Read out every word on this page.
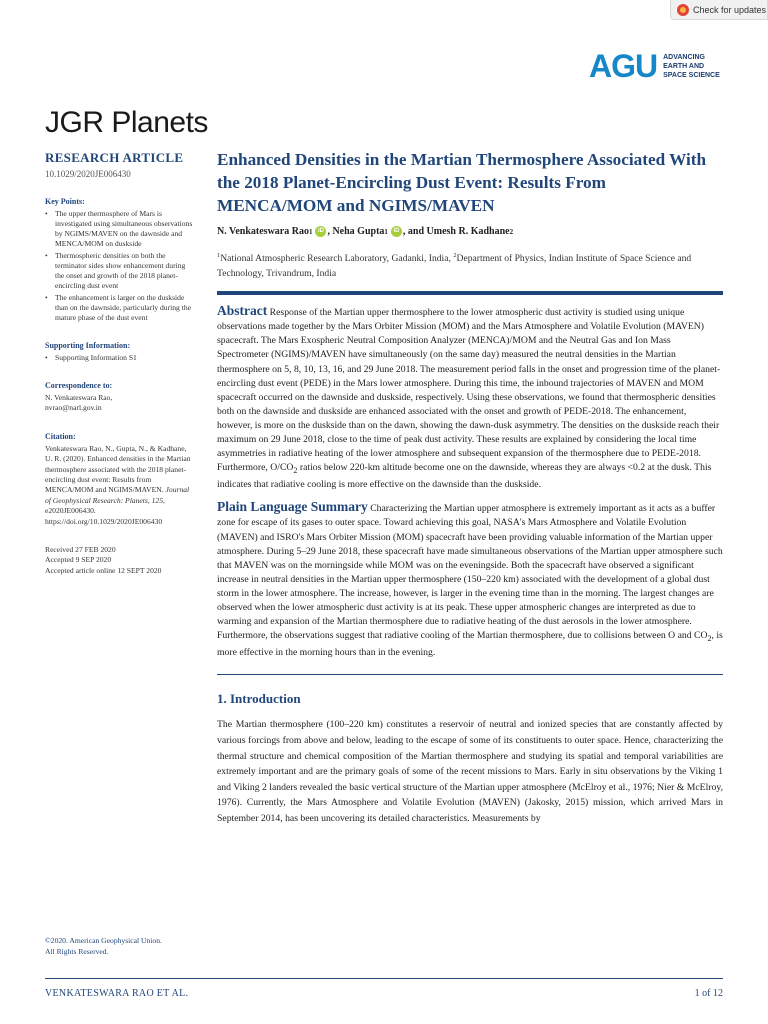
Check for updates
AGU ADVANCING
EARTH AND
SPACE SCIENCE
JGR Planets
RESEARCH ARTICLE
10.1029/2020JE006430
Key Points:
• The upper thermosphere of Mars is investigated using simultaneous observations by NGIMS/MAVEN on the dawnside and MENCA/MOM on duskside
• Thermospheric densities on both the terminator sides show enhancement during the onset and growth of the 2018 planet-encircling dust event
• The enhancement is larger on the duskside than on the dawnside, particularly during the mature phase of the dust event
Supporting Information:
• Supporting Information S1
Correspondence to:
N. Venkateswara Rao,
nvrao@narl.gov.in
Citation:
Venkateswara Rao, N., Gupta, N., & Kadhane, U. R. (2020). Enhanced densities in the Martian thermosphere associated with the 2018 planet-encircling dust event: Results from MENCA/MOM and NGIMS/MAVEN. Journal of Geophysical Research: Planets, 125, e2020JE006430. https://doi.org/10.1029/2020JE006430
Received 27 FEB 2020
Accepted 9 SEP 2020
Accepted article online 12 SEPT 2020
©2020. American Geophysical Union.
All Rights Reserved.
Enhanced Densities in the Martian Thermosphere Associated With the 2018 Planet-Encircling Dust Event: Results From MENCA/MOM and NGIMS/MAVEN
N. Venkateswara Rao 1 iD , Neha Gupta 1 iD , and Umesh R. Kadhane 2

$^1$National Atmospheric Research Laboratory, Gadanki, India, $^2$Department of Physics, Indian Institute of Space Science and Technology, Trivandrum, India

Abstract Response of the Martian upper thermosphere to the lower atmospheric dust activity is studied using unique observations made together by the Mars Orbiter Mission (MOM) and the Mars Atmosphere and Volatile Evolution (MAVEN) spacecraft. The Mars Exospheric Neutral Composition Analyzer (MENCA)/MOM and the Neutral Gas and Ion Mass Spectrometer (NGIMS)/MAVEN have simultaneously (on the same day) measured the neutral densities in the Martian thermosphere on 5, 8, 10, 13, 16, and 29 June 2018. The measurement period falls in the onset and progression time of the planet-encircling dust event (PEDE) in the Mars lower atmosphere. During this time, the inbound trajectories of MAVEN and MOM spacecraft occurred on the dawnside and duskside, respectively. Using these observations, we found that thermospheric densities both on the dawnside and duskside are enhanced associated with the onset and growth of PEDE-2018. The enhancement, however, is more on the duskside than on the dawn, showing the dawn-dusk asymmetry. The densities on the duskside reach their maximum on 29 June 2018, close to the time of peak dust activity. These results are explained by considering the local time asymmetries in radiative heating of the lower atmosphere and subsequent expansion of the thermosphere due to PEDE-2018. Furthermore, $O/CO_2$ ratios below 220-km altitude become one on the dawnside, whereas they are always <0.2 at the dusk. This indicates that radiative cooling is more effective on the dawnside than the duskside.

Plain Language Summary Characterizing the Martian upper atmosphere is extremely important as it acts as a buffer zone for escape of its gases to outer space. Toward achieving this goal, NASA's Mars Atmosphere and Volatile Evolution (MAVEN) and ISRO's Mars Orbiter Mission (MOM) spacecraft have been providing valuable information of the Martian upper atmosphere. During 5–29 June 2018, these spacecraft have made simultaneous observations of the Martian upper atmosphere such that MAVEN was on the morningside while MOM was on the eveningside. Both the spacecraft have observed a significant increase in neutral densities in the Martian upper thermosphere (150–220 km) associated with the development of a global dust storm in the lower atmosphere. The increase, however, is larger in the evening time than in the morning. The largest changes are observed when the lower atmospheric dust activity is at its peak. These upper atmospheric changes are interpreted as due to warming and expansion of the Martian thermosphere due to radiative heating of the dust aerosols in the lower atmosphere. Furthermore, the observations suggest that radiative cooling of the Martian thermosphere, due to collisions between O and $CO_2$, is more effective in the morning hours than in the evening.

1. Introduction

The Martian thermosphere (100–220 km) constitutes a reservoir of neutral and ionized species that are constantly affected by various forcings from above and below, leading to the escape of some of its constituents to outer space. Hence, characterizing the thermal structure and chemical composition of the Martian thermosphere and studying its spatial and temporal variabilities are extremely important and are the primary goals of some of the recent missions to Mars. Early in situ observations by the Viking 1 and Viking 2 landers revealed the basic vertical structure of the Martian upper atmosphere (McElroy et al., 1976; Nier & McElroy, 1976). Currently, the Mars Atmosphere and Volatile Evolution (MAVEN) (Jakosky, 2015) mission, which arrived Mars in September 2014, has been uncovering its detailed characteristics. Measurements by

VENKATESWARA RAO ET AL.	1 of 12
